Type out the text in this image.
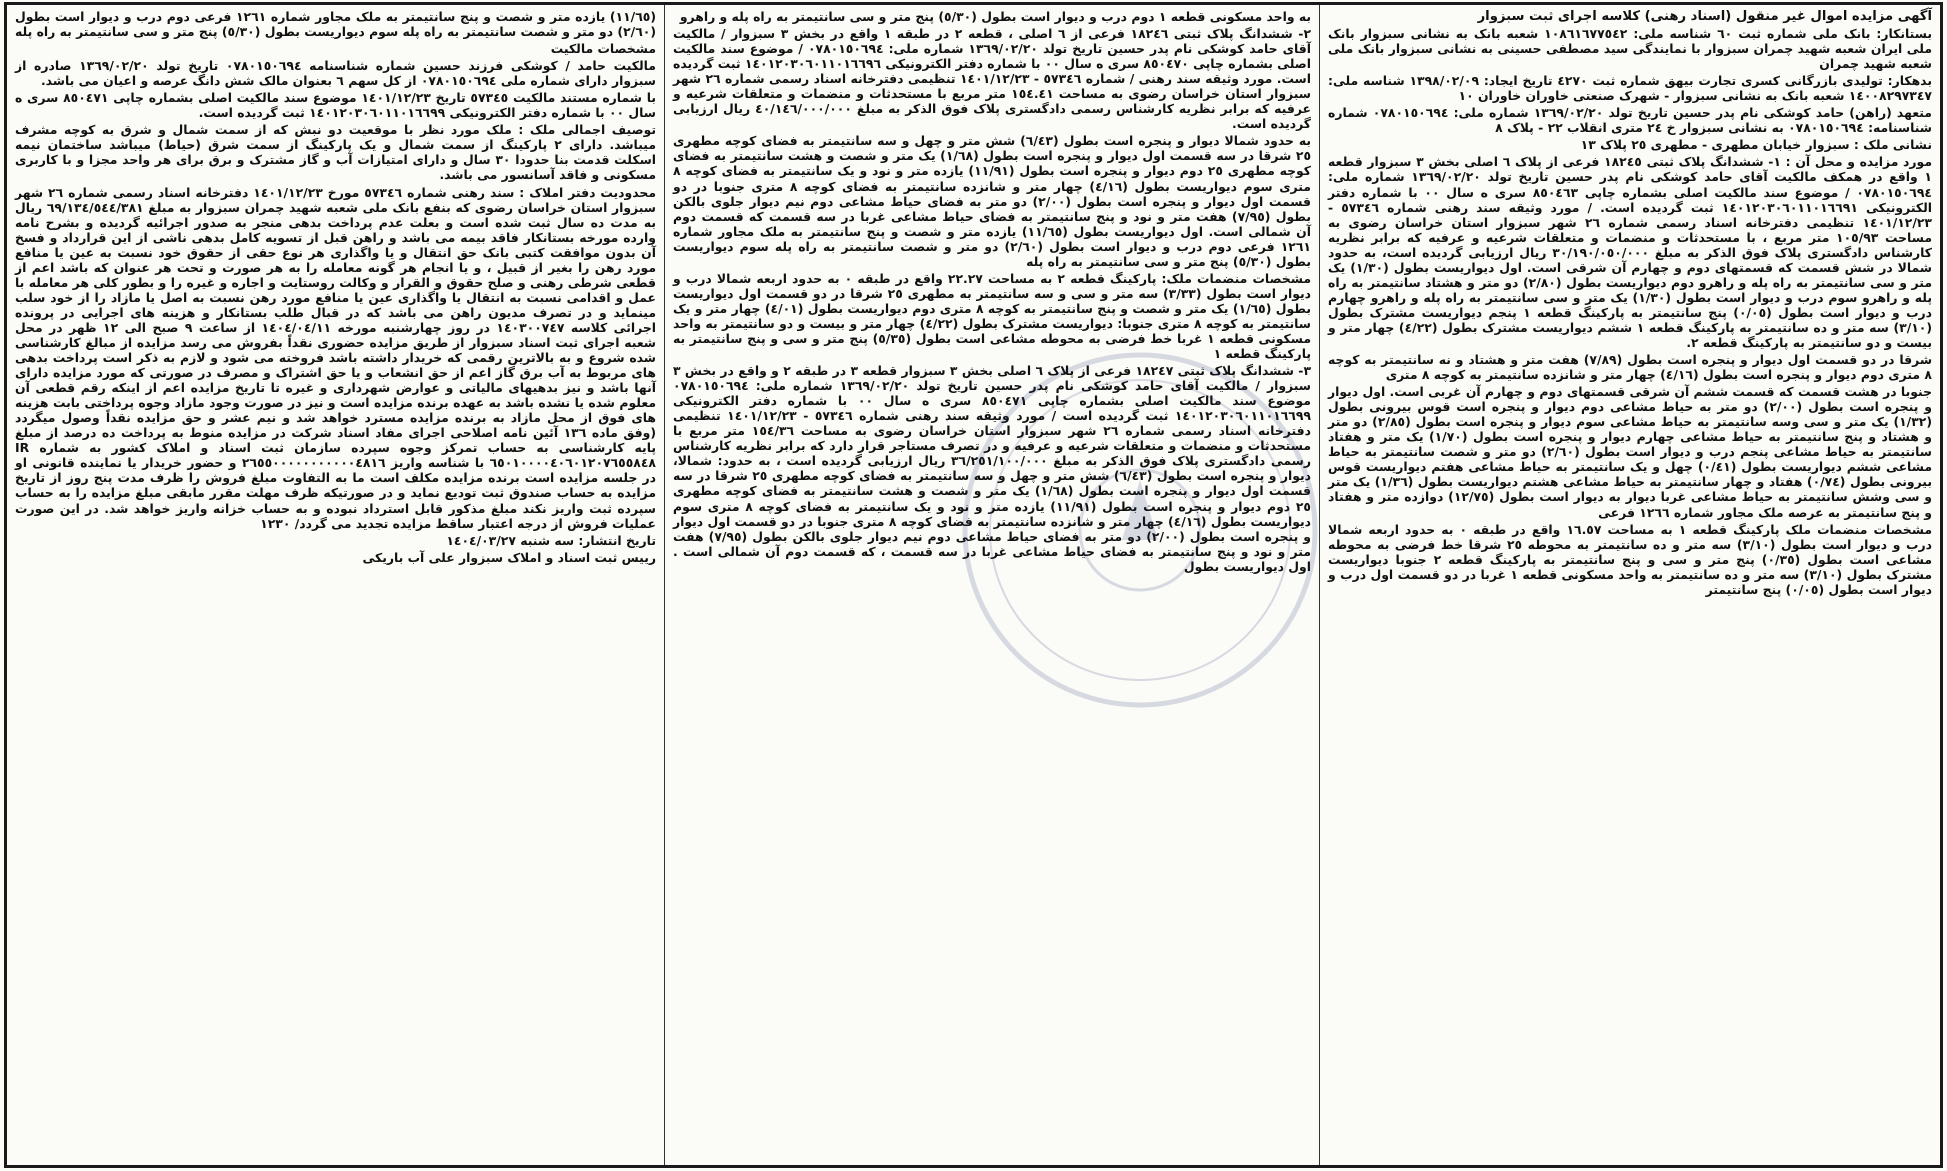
آگهی مزایده اموال غیر منقول (اسناد رهنی) کلاسه اجرای ثبت سبزوار

بستانکار: بانک ملی شماره ثبت ٦٠ شناسه ملی: ١٠٨٦١٦٧٧٥٤٢ شعبه بانک به نشانی سبزوار بانک ملی ایران شعبه شهید چمران سبزوار با نمایندگی سید مصطفی حسینی به نشانی سبزوار بانک ملی شعبه شهید چمران

بدهکار: تولیدی بازرگانی کسری تجارت بیهق شماره ثبت ٤٢٧٠ تاریخ ایجاد: ١٣٩٨/٠٢/٠٩ شناسه ملی: ١٤٠٠٨٢٩٧٣٤٧ شعبه بانک به نشانی سبزوار - شهرک صنعتی خاوران خاوران ١٠

متعهد (راهن) حامد کوشکی نام پدر حسین تاریخ تولد ١٣٦٩/٠٢/٢٠ شماره ملی: ٠٧٨٠١٥٠٦٩٤ شماره شناسنامه: ٠٧٨٠١٥٠٦٩٤ به نشانی سبزوار خ ٢٤ متری انقلاب ٢٢ - پلاک ٨

نشانی ملک : سبزوار خیابان مطهری - مطهری ٢٥ پلاک ١٣

مورد مزایده و محل آن : ١- ششدانگ پلاک ثبتی ١٨٢٤٥ فرعی از پلاک ٦ اصلی بخش ٣ سبزوار قطعه ١ واقع در همکف مالکیت آقای حامد کوشکی نام پدر حسین تاریخ تولد ١٣٦٩/٠٢/٢٠ شماره ملی: ٠٧٨٠١٥٠٦٩٤ / موضوع سند مالکیت اصلی بشماره چاپی ٨٥٠٤٦٣ سری ه سال ٠٠ با شماره دفتر الکترونیکی ١٤٠١٢٠٣٠٦٠١١٠١٦٦٩١ ثبت گردیده است. / مورد وثیقه سند رهنی شماره ٥٧٣٤٦ - ١٤٠١/١٢/٢٣ تنظیمی دفترخانه اسناد رسمی شماره ٢٦ شهر سبزوار استان خراسان رضوی به مساحت ١٠٥/٩٣ متر مربع ، با مستحدثات و منضمات و متعلقات شرعیه و عرفیه که برابر نظریه کارشناس دادگستری پلاک فوق الذکر به مبلغ ٣٠/١٩٠/٠٥٠/٠٠٠ ریال ارزیابی گردیده است، به حدود شمالا در شش قسمت که قسمتهای دوم و چهارم آن شرقی است. اول دیواریست بطول (١/٣٠) یک متر و سی سانتیمتر به راه پله و راهرو دوم دیواریست بطول (٢/٨٠) دو متر و هشتاد سانتیمتر به راه پله و راهرو سوم درب و دیوار است بطول (١/٣٠) یک متر و سی سانتیمتر به راه پله و راهرو چهارم درب و دیوار است بطول (٠/٠٥) پنج سانتیمتر به پارکینگ قطعه ١ پنجم دیواریست مشترک بطول (٣/١٠) سه متر و ده سانتیمتر به پارکینگ قطعه ١ ششم دیواریست مشترک بطول (٤/٢٢) چهار متر و بیست و دو سانتیمتر به پارکینگ قطعه ٢.

شرقا در دو قسمت اول دیوار و پنجره است بطول (٧/٨٩) هفت متر و هشتاد و نه سانتیمتر به کوچه ٨ متری دوم دیوار و پنجره است بطول (٤/١٦) چهار متر و شانزده سانتیمتر به کوچه ٨ متری

جنوبا در هشت قسمت که قسمت ششم آن شرقی قسمتهای دوم و چهارم آن غربی است. اول دیوار و پنجره است بطول (٢/٠٠) دو متر به حیاط مشاعی دوم دیوار و پنجره است قوس بیرونی بطول (١/٣٢) یک متر و سی وسه سانتیمتر به حیاط مشاعی سوم دیوار و پنجره است بطول (٢/٨٥) دو متر و هشتاد و پنج سانتیمتر به حیاط مشاعی چهارم دیوار و پنجره است بطول (١/٧٠) یک متر و هفتاد سانتیمتر به حیاط مشاعی پنجم درب و دیوار است بطول (٢/٦٠) دو متر و شصت سانتیمتر به حیاط مشاعی ششم دیواریست بطول (٠/٤١) چهل و یک سانتیمتر به حیاط مشاعی هفتم دیواریست قوس بیرونی بطول (٠/٧٤) هفتاد و چهار سانتیمتر به حیاط مشاعی هشتم دیواریست بطول (١/٣٦) یک متر و سی وشش سانتیمتر به حیاط مشاعی غربا دیوار به دیوار است بطول (١٢/٧٥) دوازده متر و هفتاد و پنج سانتیمتر به عرصه ملک مجاور شماره ١٢٦٦ فرعی

مشخصات منضمات ملک پارکینگ قطعه ١ به مساحت ١٦.٥٧ واقع در طبقه ٠ به حدود اربعه شمالا درب و دیوار است بطول (٣/١٠) سه متر و ده سانتیمتر به محوطه ٢٥ شرقا خط فرضی به محوطه مشاعی است بطول (٠/٣٥) پنج متر و سی و پنج سانتیمتر به پارکینگ قطعه ٢ جنوبا دیواریست مشترک بطول (٣/١٠) سه متر و ده سانتیمتر به واحد مسکونی قطعه ١ غربا در دو قسمت اول درب و دیوار است بطول (٠/٠٥) پنج سانتیمتر

به واحد مسکونی قطعه ١ دوم درب و دیوار است بطول (٥/٣٠) پنج متر و سی سانتیمتر به راه پله و راهرو

٢- ششدانگ پلاک ثبتی ١٨٢٤٦ فرعی از ٦ اصلی ، قطعه ٢ در طبقه ١ واقع در بخش ٣ سبزوار / مالکیت آقای حامد کوشکی نام پدر حسین تاریخ تولد ١٣٦٩/٠٢/٢٠ شماره ملی: ٠٧٨٠١٥٠٦٩٤ / موضوع سند مالکیت اصلی بشماره چاپی ٨٥٠٤٧٠ سری ه سال ٠٠ با شماره دفتر الکترونیکی ١٤٠١٢٠٣٠٦٠١١٠١٦٦٩٦ ثبت گردیده است. مورد وثیقه سند رهنی / شماره ٥٧٣٤٦ - ١٤٠١/١٢/٢٣ تنظیمی دفترخانه اسناد رسمی شماره ٢٦ شهر سبزوار استان خراسان رضوی به مساحت ١٥٤.٤١ متر مربع با مستحدثات و منضمات و متعلقات شرعیه و عرفیه که برابر نظریه کارشناس رسمی دادگستری پلاک فوق الذکر به مبلغ ٤٠/١٤٦/٠٠٠/٠٠٠ ریال ارزیابی گردیده است.

به حدود شمالا دیوار و پنجره است بطول (٦/٤٣) شش متر و چهل و سه سانتیمتر به فضای کوچه مطهری ٢٥ شرقا در سه قسمت اول دیوار و پنجره است بطول (١/٦٨) یک متر و شصت و هشت سانتیمتر به فضای کوچه مطهری ٢٥ دوم دیوار و پنجره است بطول (١١/٩١) یازده متر و نود و یک سانتیمتر به فضای کوچه ٨ متری سوم دیواریست بطول (٤/١٦) چهار متر و شانزده سانتیمتر به فضای کوچه ٨ متری جنوبا در دو قسمت اول دیوار و پنجره است بطول (٢/٠٠) دو متر به فضای حیاط مشاعی دوم نیم دیوار جلوی بالکن بطول (٧/٩٥) هفت متر و نود و پنج سانتیمتر به فضای حیاط مشاعی غربا در سه قسمت که قسمت دوم آن شمالی است. اول دیواریست بطول (١١/٦٥) یازده متر و شصت و پنج سانتیمتر به ملک مجاور شماره ١٢٦١ فرعی دوم درب و دیوار است بطول (٢/٦٠) دو متر و شصت سانتیمتر به راه پله سوم دیواریست بطول (٥/٣٠) پنج متر و سی سانتیمتر به راه پله

مشخصات منضمات ملک: پارکینگ قطعه ٢ به مساحت ٢٢.٢٧ واقع در طبقه ٠ به حدود اربعه شمالا درب و دیوار است بطول (٣/٣٣) سه متر و سی و سه سانتیمتر به مطهری ٢٥ شرقا در دو قسمت اول دیواریست بطول (١/٦٥) یک متر و شصت و پنج سانتیمتر به کوچه ٨ متری دوم دیواریست بطول (٤/٠١) چهار متر و یک سانتیمتر به کوچه ٨ متری جنوبا: دیواریست مشترک بطول (٤/٢٢) چهار متر و بیست و دو سانتیمتر به واحد مسکونی قطعه ١ غربا خط فرضی به محوطه مشاعی است بطول (٥/٣٥) پنج متر و سی و پنج سانتیمتر به پارکینگ قطعه ١

٣- ششدانگ پلاک ثبتی ١٨٢٤٧ فرعی از پلاک ٦ اصلی بخش ٣ سبزوار قطعه ٣ در طبقه ٢ و واقع در بخش ٣ سبزوار / مالکیت آقای حامد کوشکی نام پدر حسین تاریخ تولد ١٣٦٩/٠٢/٢٠ شماره ملی: ٠٧٨٠١٥٠٦٩٤ موضوع سند مالکیت اصلی بشماره چاپی ٨٥٠٤٧١ سری ه سال ٠٠ با شماره دفتر الکترونیکی ١٤٠١٢٠٣٠٦٠١١٠١٦٦٩٩ ثبت گردیده است / مورد وثیقه سند رهنی شماره ٥٧٣٤٦ - ١٤٠١/١٢/٢٣ تنظیمی دفترخانه اسناد رسمی شماره ٢٦ شهر سبزوار استان خراسان رضوی به مساحت ١٥٤/٣٦ متر مربع با مستحدثات و منضمات و متعلقات شرعیه و عرفیه و در تصرف مستاجر قرار دارد که برابر نظریه کارشناس رسمی دادگستری پلاک فوق الذکر به مبلغ ٣٦/٢٥١/١٠٠/٠٠٠ ریال ارزیابی گردیده است ، به حدود: شمالا، دیوار و پنجره است بطول (٦/٤٣) شش متر و چهل و سه سانتیمتر به فضای کوچه مطهری ٢٥ شرقا در سه قسمت اول دیوار و پنجره است بطول (١/٦٨) یک متر و شصت و هشت سانتیمتر به فضای کوچه مطهری ٢٥ دوم دیوار و پنجره است بطول (١١/٩١) یازده متر و نود و یک سانتیمتر به فضای کوچه ٨ متری سوم دیواریست بطول (٤/١٦) چهار متر و شانزده سانتیمتر به فضای کوچه ٨ متری جنوبا در دو قسمت اول دیوار و پنجره است بطول (٢/٠٠) دو متر به فضای حیاط مشاعی دوم نیم دیوار جلوی بالکن بطول (٧/٩٥) هفت متر و نود و پنج سانتیمتر به فضای حیاط مشاعی غربا در سه قسمت ، که قسمت دوم آن شمالی است . اول دیواریست بطول

(١١/٦٥) یازده متر و شصت و پنج سانتیمتر به ملک مجاور شماره ١٢٦١ فرعی دوم درب و دیوار است بطول (٢/٦٠) دو متر و شصت سانتیمتر به راه پله سوم دیواریست بطول (٥/٣٠) پنج متر و سی سانتیمتر به راه پله

مشخصات مالکیت

مالکیت حامد / کوشکی فرزند حسین شماره شناسنامه ٠٧٨٠١٥٠٦٩٤ تاریخ تولد ١٣٦٩/٠٢/٢٠ صادره از سبزوار دارای شماره ملی ٠٧٨٠١٥٠٦٩٤ از کل سهم ٦ بعنوان مالک شش دانگ عرصه و اعیان می باشد.

با شماره مستند مالکیت ٥٧٣٤٥ تاریخ ١٤٠١/١٢/٢٣ موضوع سند مالکیت اصلی بشماره چاپی ٨٥٠٤٧١ سری ه سال ٠٠ با شماره دفتر الکترونیکی ١٤٠١٢٠٣٠٦٠١١٠١٦٦٩٩ ثبت گردیده است.

توصیف اجمالی ملک : ملک مورد نظر با موقعیت دو نبش که از سمت شمال و شرق به کوچه مشرف میباشد. دارای ٢ پارکینگ از سمت شمال و یک پارکینگ از سمت شرق (حیاط) میباشد ساختمان نیمه اسکلت قدمت بنا حدودا ٣٠ سال و دارای امتیازات آب و گاز مشترک و برق برای هر واحد مجزا و با کاربری مسکونی و فاقد آسانسور می باشد.

محدودیت دفتر املاک : سند رهنی شماره ٥٧٣٤٦ مورخ ١٤٠١/١٢/٢٣ دفترخانه اسناد رسمی شماره ٢٦ شهر سبزوار استان خراسان رضوی که بنفع بانک ملی شعبه شهید چمران سبزوار به مبلغ ٦٩/١٣٤/٥٤٤/٣٨١ ریال به مدت ده سال ثبت شده است و بعلت عدم پرداخت بدهی منجر به صدور اجرائیه گردیده و بشرح نامه وارده مورخه بستانکار فاقد بیمه می باشد و راهن قبل از تسویه کامل بدهی ناشی از این قرارداد و فسخ آن بدون موافقت کتبی بانک حق انتقال و یا واگذاری هر نوع حقی از حقوق خود نسبت به عین یا منافع مورد رهن را بغیر از قبیل ، و یا انجام هر گونه معامله را به هر صورت و تحت هر عنوان که باشد اعم از قطعی شرطی رهنی و صلح حقوق و القرار و وکالت روستایت و اجاره و غیره را و بطور کلی هر معامله با عمل و اقدامی نسبت به انتقال یا واگذاری عین یا منافع مورد رهن نسبت به اصل یا مازاد را از خود سلب مینماید و در تصرف مدیون راهن می باشد که در قبال طلب بستانکار و هزینه های اجرایی در پرونده اجرائی کلاسه ١٤٠٣٠٠٧٤٧ در روز چهارشنبه مورخه ١٤٠٤/٠٤/١١ از ساعت ٩ صبح الی ١٢ ظهر در محل شعبه اجرای ثبت اسناد سبزوار از طریق مزایده حضوری نقداً بفروش می رسد مزایده از مبالغ کارشناسی شده شروع و به بالاترین رقمی که خریدار داشته باشد فروخته می شود و لازم به ذکر است پرداخت بدهی های مربوط به آب برق گاز اعم از حق انشعاب و یا حق اشتراک و مصرف در صورتی که مورد مزایده دارای آنها باشد و نیز بدهیهای مالیاتی و عوارض شهرداری و غیره تا تاریخ مزایده اعم از اینکه رقم قطعی آن معلوم شده یا نشده باشد به عهده برنده مزایده است و نیز در صورت وجود مازاد وجوه پرداختی بابت هزینه های فوق از محل مازاد به برنده مزایده مسترد خواهد شد و نیم عشر و حق مزایده نقداً وصول میگردد (وفق ماده ١٣٦ آئین نامه اصلاحی اجرای مفاد اسناد شرکت در مزایده منوط به پرداخت ده درصد از مبلغ پایه کارشناسی به حساب تمرکز وجوه سپرده سازمان ثبت اسناد و املاک کشور به شماره IR ٦٥٠١٠٠٠٠٤٠٦٠١٢٠٧٦٥٥٨٤٨ با شناسه واریز ٢٦٥٥٠٠٠٠٠٠٠٠٠٠٠٤٨١٦ و حضور خریدار یا نماینده قانونی او در جلسه مزایده است برنده مزایده مکلف است ما به التفاوت مبلغ فروش را ظرف مدت پنج روز از تاریخ مزایده به حساب صندوق ثبت تودیع نماید و در صورتیکه ظرف مهلت مقرر مابقی مبلغ مزایده را به حساب سپرده ثبت واریز نکند مبلغ مذکور قابل استرداد نبوده و به حساب خزانه واریز خواهد شد. در این صورت عملیات فروش از درجه اعتبار ساقط مزایده تجدید می گردد/ ١٢٣٠

تاریخ انتشار: سه شنبه ١٤٠٤/٠٣/٢٧

رییس ثبت اسناد و املاک سبزوار علی آب باریکی
